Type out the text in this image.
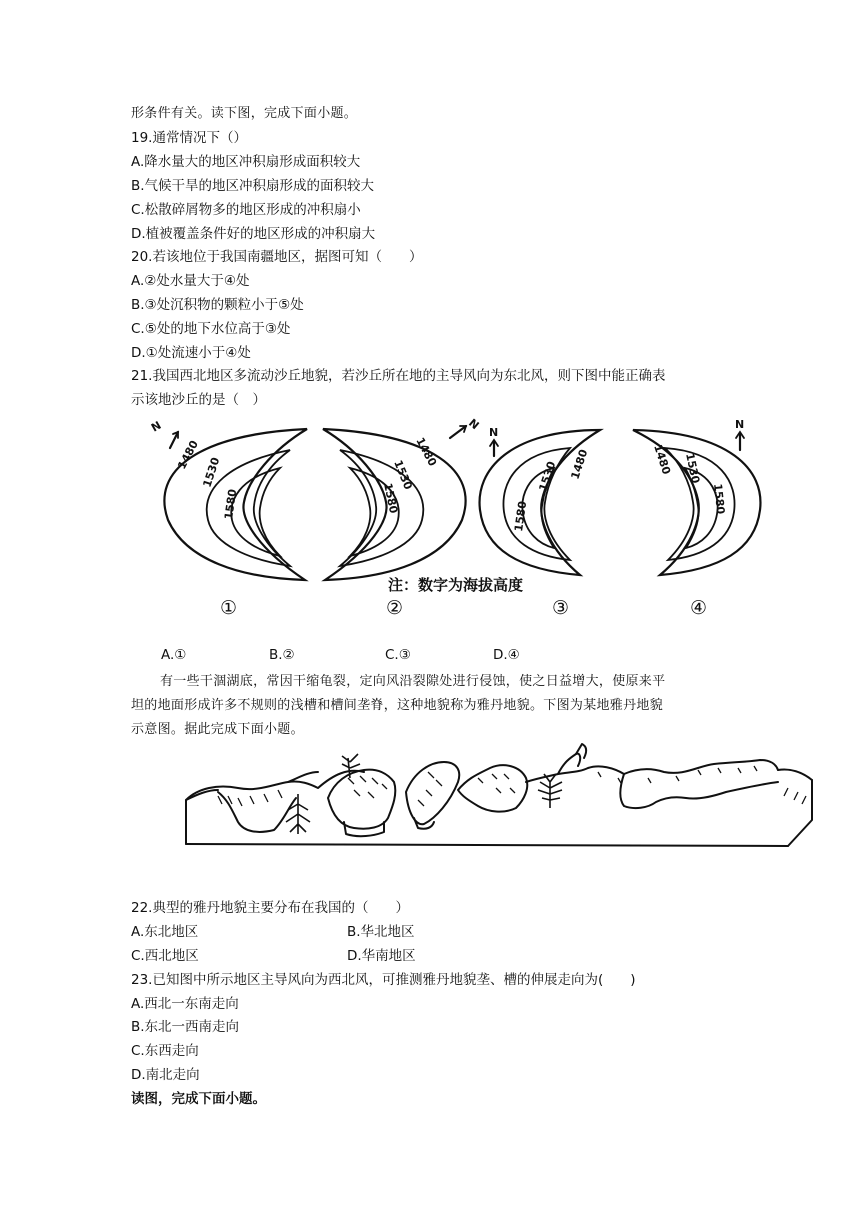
形条件有关。读下图，完成下面小题。
19.通常情况下（）
A.降水量大的地区冲积扇形成面积较大
B.气候干旱的地区冲积扇形成的面积较大
C.松散碎屑物多的地区形成的冲积扇小
D.植被覆盖条件好的地区形成的冲积扇大
20.若该地位于我国南疆地区，据图可知（　　）
A.②处水量大于④处
B.③处沉积物的颗粒小于⑤处
C.⑤处的地下水位高于③处
D.①处流速小于④处
21.我国西北地区多流动沙丘地貌，若沙丘所在地的主导风向为东北风，则下图中能正确表
示该地沙丘的是（　）
N	N
N
N
1480
1530
1580
1480
1530
1580
1580
1530 1480	1480 1530
1580
注：数字为海拔高度
①	②	③	④
A.①	B.②	C.③	D.④
有一些干涸湖底，常因干缩龟裂，定向风沿裂隙处进行侵蚀，使之日益增大，使原来平
坦的地面形成许多不规则的浅槽和槽间垄脊，这种地貌称为雅丹地貌。下图为某地雅丹地貌
示意图。据此完成下面小题。
22.典型的雅丹地貌主要分布在我国的（　　）
A.东北地区	B.华北地区
C.西北地区	D.华南地区
23.已知图中所示地区主导风向为西北风，可推测雅丹地貌垄、槽的伸展走向为(　　)
A.西北一东南走向
B.东北一西南走向
C.东西走向
D.南北走向
读图，完成下面小题。
